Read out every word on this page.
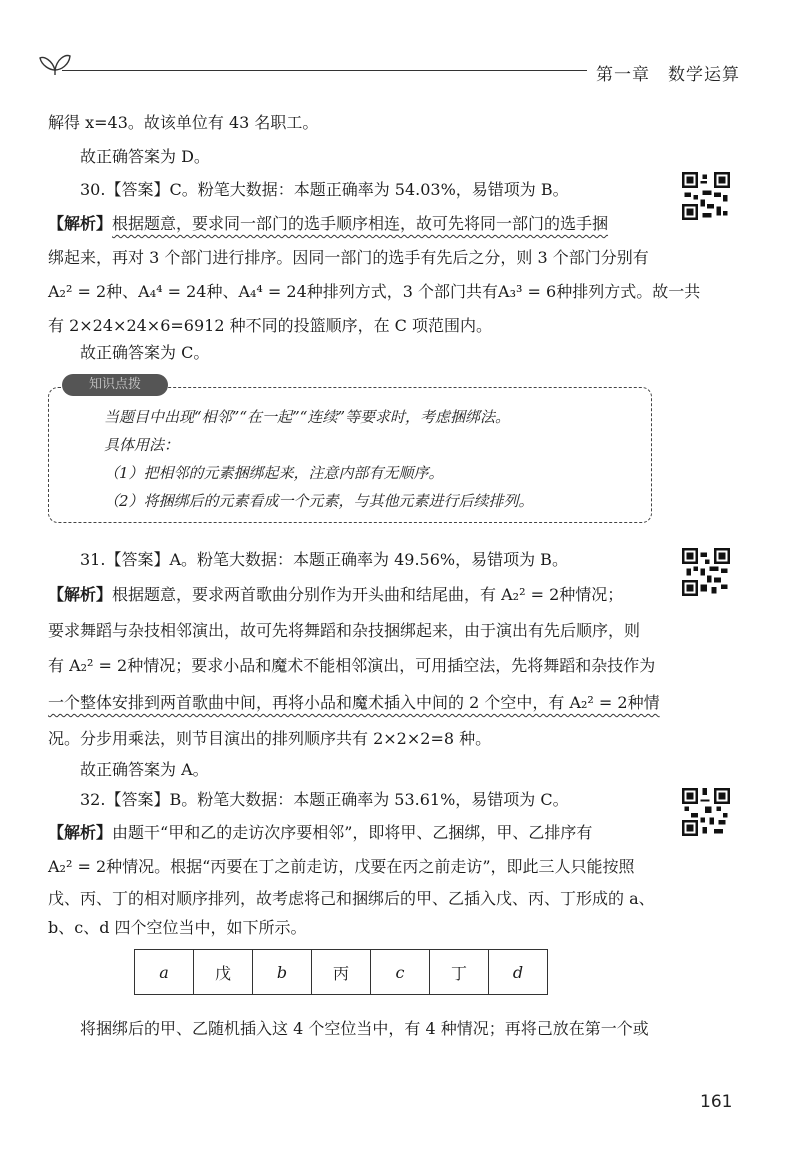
第一章 数学运算
解得 x=43。故该单位有 43 名职工。
故正确答案为 D。
30.【答案】C。粉笔大数据：本题正确率为 54.03%，易错项为 B。
【解析】根据题意，要求同一部门的选手顺序相连，故可先将同一部门的选手捆
绑起来，再对 3 个部门进行排序。因同一部门的选手有先后之分，则 3 个部门分别有
A₂² = 2种、A₄⁴ = 24种、A₄⁴ = 24种排列方式，3 个部门共有A₃³ = 6种排列方式。故一共
有 2×24×24×6=6912 种不同的投篮顺序，在 C 项范围内。
故正确答案为 C。
知识点拨
当题目中出现“相邻”“在一起”“连续”等要求时，考虑捆绑法。
具体用法：
（1）把相邻的元素捆绑起来，注意内部有无顺序。
（2）将捆绑后的元素看成一个元素，与其他元素进行后续排列。
31.【答案】A。粉笔大数据：本题正确率为 49.56%，易错项为 B。
【解析】根据题意，要求两首歌曲分别作为开头曲和结尾曲，有 A₂² = 2种情况；
要求舞蹈与杂技相邻演出，故可先将舞蹈和杂技捆绑起来，由于演出有先后顺序，则
有 A₂² = 2种情况；要求小品和魔术不能相邻演出，可用插空法，先将舞蹈和杂技作为
一个整体安排到两首歌曲中间，再将小品和魔术插入中间的 2 个空中，有 A₂² = 2种情
况。分步用乘法，则节目演出的排列顺序共有 2×2×2=8 种。
故正确答案为 A。
32.【答案】B。粉笔大数据：本题正确率为 53.61%，易错项为 C。
【解析】由题干“甲和乙的走访次序要相邻”，即将甲、乙捆绑，甲、乙排序有
A₂² = 2种情况。根据“丙要在丁之前走访，戊要在丙之前走访”，即此三人只能按照
戊、丙、丁的相对顺序排列，故考虑将己和捆绑后的甲、乙插入戊、丙、丁形成的 a、
b、c、d 四个空位当中，如下所示。
a	戊	b	丙	c	丁	d
将捆绑后的甲、乙随机插入这 4 个空位当中，有 4 种情况；再将己放在第一个或
161
